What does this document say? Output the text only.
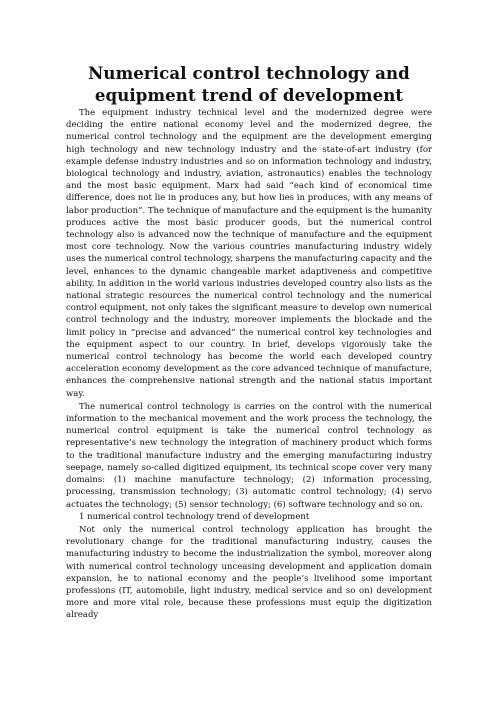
Numerical control technology and equipment trend of development

The equipment industry technical level and the modernized degree were deciding the entire national economy level and the modernized degree, the numerical control technology and the equipment are the development emerging high technology and new technology industry and the state-of-art industry (for example defense industry industries and so on information technology and industry, biological technology and industry, aviation, astronautics) enables the technology and the most basic equipment. Marx had said “each kind of economical time difference, does not lie in produces any, but how lies in produces, with any means of labor production”. The technique of manufacture and the equipment is the humanity produces active the most basic producer goods, but the numerical control technology also is advanced now the technique of manufacture and the equipment most core technology. Now the various countries manufacturing industry widely uses the numerical control technology, sharpens the manufacturing capacity and the level, enhances to the dynamic changeable market adaptiveness and competitive ability. In addition in the world various industries developed country also lists as the national strategic resources the numerical control technology and the numerical control equipment, not only takes the significant measure to develop own numerical control technology and the industry, moreover implements the blockade and the limit policy in “precise and advanced” the numerical control key technologies and the equipment aspect to our country. In brief, develops vigorously take the numerical control technology has become the world each developed country acceleration economy development as the core advanced technique of manufacture, enhances the comprehensive national strength and the national status important way.

The numerical control technology is carries on the control with the numerical information to the mechanical movement and the work process the technology, the numerical control equipment is take the numerical control technology as representative’s new technology the integration of machinery product which forms to the traditional manufacture industry and the emerging manufacturing industry seepage, namely so-called digitized equipment, its technical scope cover very many domains: (1) machine manufacture technology; (2) information processing, processing, transmission technology; (3) automatic control technology; (4) servo actuates the technology; (5) sensor technology; (6) software technology and so on.

1 numerical control technology trend of development

Not only the numerical control technology application has brought the revolutionary change for the traditional manufacturing industry, causes the manufacturing industry to become the industrialization the symbol, moreover along with numerical control technology unceasing development and application domain expansion, he to national economy and the people’s livelihood some important professions (IT, automobile, light industry, medical service and so on) development more and more vital role, because these professions must equip the digitization already
